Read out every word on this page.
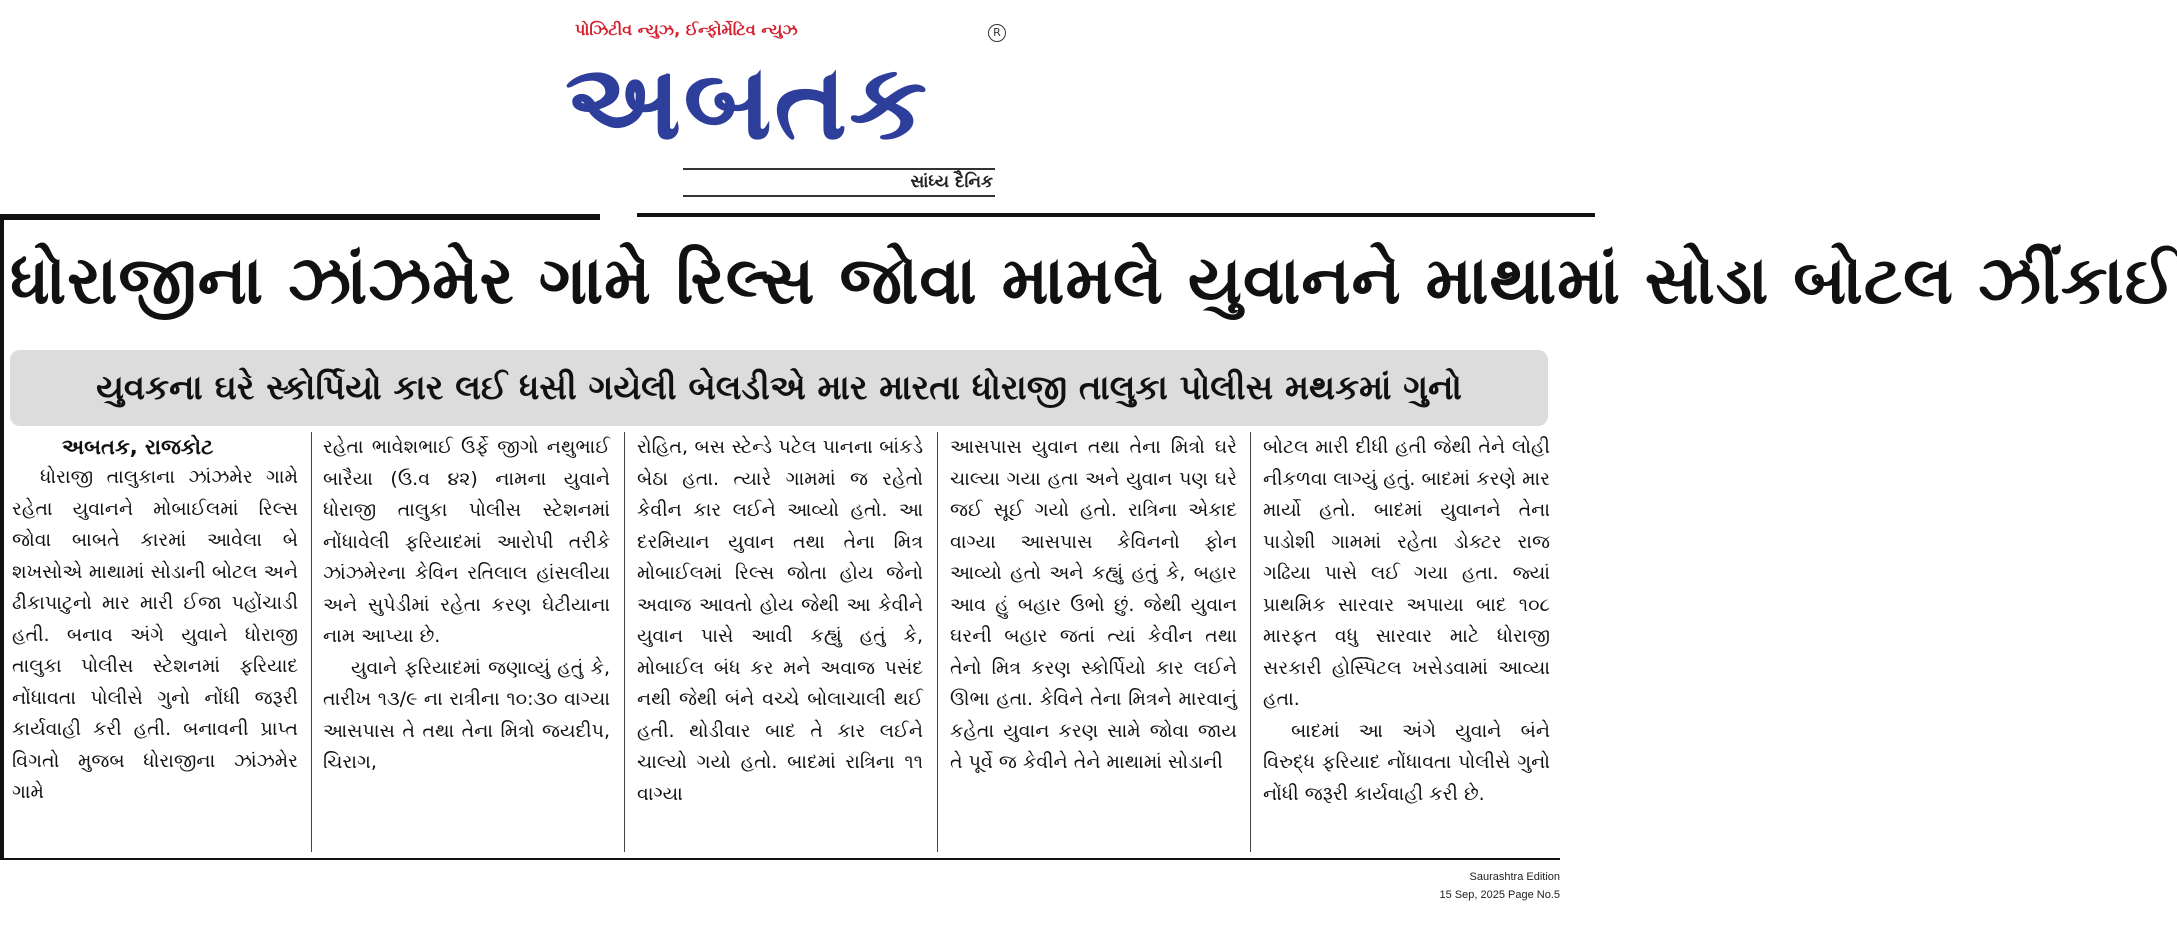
પોઝિટીવ ન્યુઝ, ઈન્ફોર્મેટિવ ન્યુઝ
અબતક
R
સાંધ્ય દૈનિક
ધોરાજીના ઝાંઝમેર ગામે રિલ્સ જોવા મામલે યુવાનને માથામાં સોડા બોટલ ઝીંકાઈ
યુવકના ઘરે સ્કોર્પિયો કાર લઈ ધસી ગયેલી બેલડીએ માર મારતા ધોરાજી તાલુકા પોલીસ મથકમાં ગુનો
અબતક, રાજકોટ

ધોરાજી તાલુકાના ઝાંઝમેર ગામે રહેતા યુવાનને મોબાઈલમાં રિલ્સ જોવા બાબતે કારમાં આવેલા બે શખસોએ માથામાં સોડાની બોટલ અને ઢીકાપાટુનો માર મારી ઈજા પહોંચાડી હતી. બનાવ અંગે યુવાને ધોરાજી તાલુકા પોલીસ સ્ટેશનમાં ફરિયાદ નોંધાવતા પોલીસે ગુનો નોંધી જરૂરી કાર્યવાહી કરી હતી. બનાવની પ્રાપ્ત વિગતો મુજબ ધોરાજીના ઝાંઝમેર ગામે

રહેતા ભાવેશભાઈ ઉર્ફે જીગો નથુભાઈ બારૈયા (ઉ.વ ૪૨) નામના યુવાને ધોરાજી તાલુકા પોલીસ સ્ટેશનમાં નોંધાવેલી ફરિયાદમાં આરોપી તરીકે ઝાંઝમેરના કેવિન રતિલાલ હાંસલીયા અને સુપેડીમાં રહેતા કરણ ઘેટીયાના નામ આપ્યા છે.

યુવાને ફરિયાદમાં જણાવ્યું હતું કે, તારીખ ૧૩/૯ ના રાત્રીના ૧૦:૩૦ વાગ્યા આસપાસ તે તથા તેના મિત્રો જયદીપ, ચિરાગ,

રોહિત, બસ સ્ટેન્ડે પટેલ પાનના બાંકડે બેઠા હતા. ત્યારે ગામમાં જ રહેતો કેવીન કાર લઈને આવ્યો હતો. આ દરમિયાન યુવાન તથા તેના મિત્ર મોબાઈલમાં રિલ્સ જોતા હોય જેનો અવાજ આવતો હોય જેથી આ કેવીને યુવાન પાસે આવી કહ્યું હતું કે, મોબાઈલ બંધ કર મને અવાજ પસંદ નથી જેથી બંને વચ્ચે બોલાચાલી થઈ હતી. થોડીવાર બાદ તે કાર લઈને ચાલ્યો ગયો હતો. બાદમાં રાત્રિના ૧૧ વાગ્યા

આસપાસ યુવાન તથા તેના મિત્રો ઘરે ચાલ્યા ગયા હતા અને યુવાન પણ ઘરે જઈ સૂઈ ગયો હતો. રાત્રિના એકાદ વાગ્યા આસપાસ કેવિનનો ફોન આવ્યો હતો અને કહ્યું હતું કે, બહાર આવ હું બહાર ઉભો છું. જેથી યુવાન ઘરની બહાર જતાં ત્યાં કેવીન તથા તેનો મિત્ર કરણ સ્કોર્પિયો કાર લઈને ઊભા હતા. કેવિને તેના મિત્રને મારવાનું કહેતા યુવાન કરણ સામે જોવા જાય તે પૂર્વે જ કેવીને તેને માથામાં સોડાની

બોટલ મારી દીધી હતી જેથી તેને લોહી નીકળવા લાગ્યું હતું. બાદમાં કરણે માર માર્યો હતો. બાદમાં યુવાનને તેના પાડોશી ગામમાં રહેતા ડોક્ટર રાજ ગઢિયા પાસે લઈ ગયા હતા. જ્યાં પ્રાથમિક સારવાર અપાયા બાદ ૧૦૮ મારફત વધુ સારવાર માટે ધોરાજી સરકારી હોસ્પિટલ ખસેડવામાં આવ્યા હતા.

બાદમાં આ અંગે યુવાને બંને વિરુદ્ધ ફરિયાદ નોંધાવતા પોલીસે ગુનો નોંધી જરૂરી કાર્યવાહી કરી છે.

Saurashtra Edition
15 Sep, 2025 Page No.5
